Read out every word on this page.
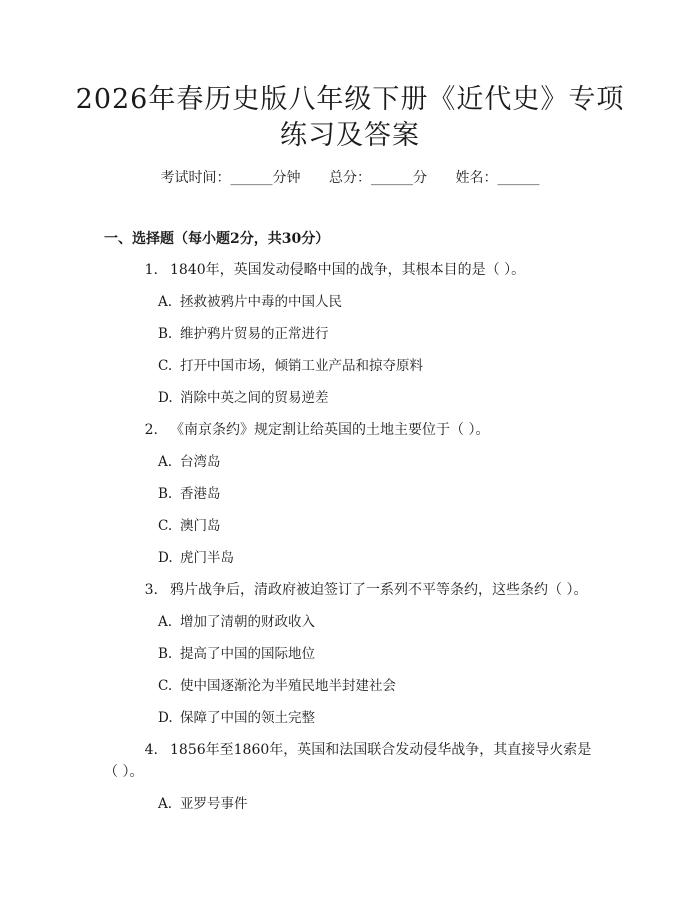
2026年春历史版八年级下册《近代史》专项
练习及答案
考试时间：______分钟 总分：______分 姓名：______
一、选择题（每小题2分，共30分）
1. 1840年，英国发动侵略中国的战争，其根本目的是（ ）。
A. 拯救被鸦片中毒的中国人民
B. 维护鸦片贸易的正常进行
C. 打开中国市场，倾销工业产品和掠夺原料
D. 消除中英之间的贸易逆差
2. 《南京条约》规定割让给英国的土地主要位于（ ）。
A. 台湾岛
B. 香港岛
C. 澳门岛
D. 虎门半岛
3. 鸦片战争后，清政府被迫签订了一系列不平等条约，这些条约（ ）。
A. 增加了清朝的财政收入
B. 提高了中国的国际地位
C. 使中国逐渐沦为半殖民地半封建社会
D. 保障了中国的领土完整
4. 1856年至1860年，英国和法国联合发动侵华战争，其直接导火索是
（ ）。
A. 亚罗号事件
